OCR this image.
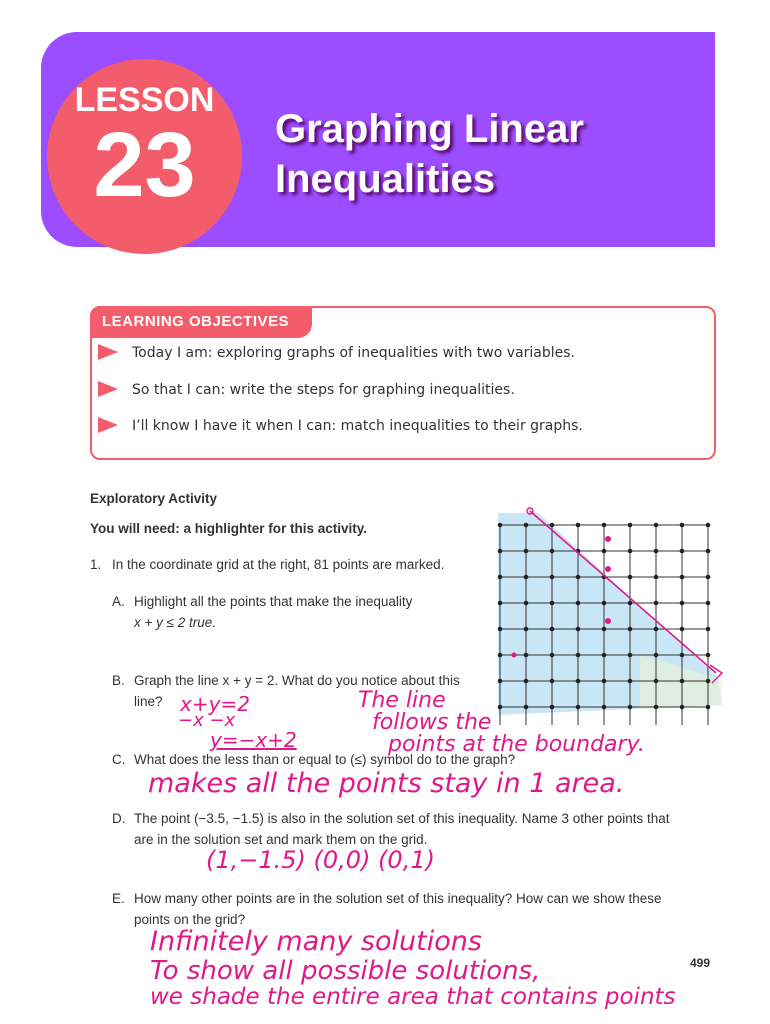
LESSON
23	Graphing Linear
Inequalities
LEARNING OBJECTIVES
Today I am: exploring graphs of inequalities with two variables.
So that I can: write the steps for graphing inequalities.
I’ll know I have it when I can: match inequalities to their graphs.
Exploratory Activity
You will need: a highlighter for this activity.
1. In the coordinate grid at the right, 81 points are marked.
A. Highlight all the points that make the inequality
x + y ≤ 2 true.
B. Graph the line x + y = 2. What do you notice about this
line?
C. What does the less than or equal to (≤) symbol do to the graph?
D. The point (−3.5, −1.5) is also in the solution set of this inequality. Name 3 other points that
are in the solution set and mark them on the grid.
E. How many other points are in the solution set of this inequality? How can we show these
points on the grid?
x+y=2
−x −x
y=−x+2
The line
follows the
points at the boundary.
makes all the points stay in 1 area.
(1,−1.5) (0,0) (0,1)
Infinitely many solutions
To show all possible solutions,
we shade the entire area that contains points
499
